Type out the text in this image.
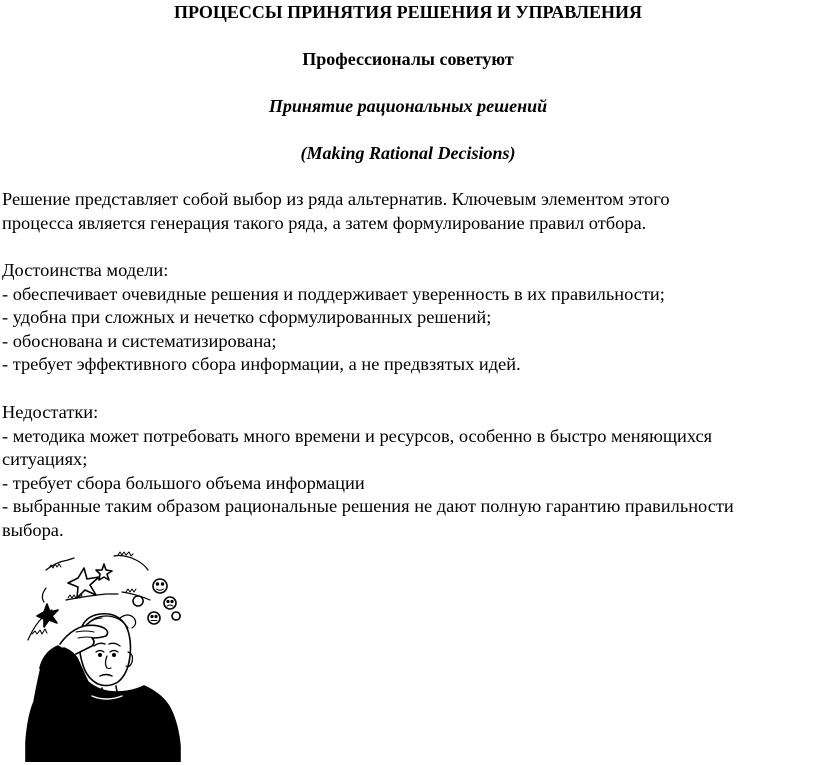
ПРОЦЕССЫ ПРИНЯТИЯ РЕШЕНИЯ И УПРАВЛЕНИЯ
Профессионалы советуют
Принятие рациональных решений
(Making Rational Decisions)
Решение представляет собой выбор из ряда альтернатив. Ключевым элементом этого
процесса является генерация такого ряда, а затем формулирование правил отбора.
Достоинства модели:
- обеспечивает очевидные решения и поддерживает уверенность в их правильности;
- удобна при сложных и нечетко сформулированных решений;
- обоснована и систематизирована;
- требует эффективного сбора информации, а не предвзятых идей.
Недостатки:
- методика может потребовать много времени и ресурсов, особенно в быстро меняющихся
ситуациях;
- требует сбора большого объема информации
- выбранные таким образом рациональные решения не дают полную гарантию правильности
выбора.
